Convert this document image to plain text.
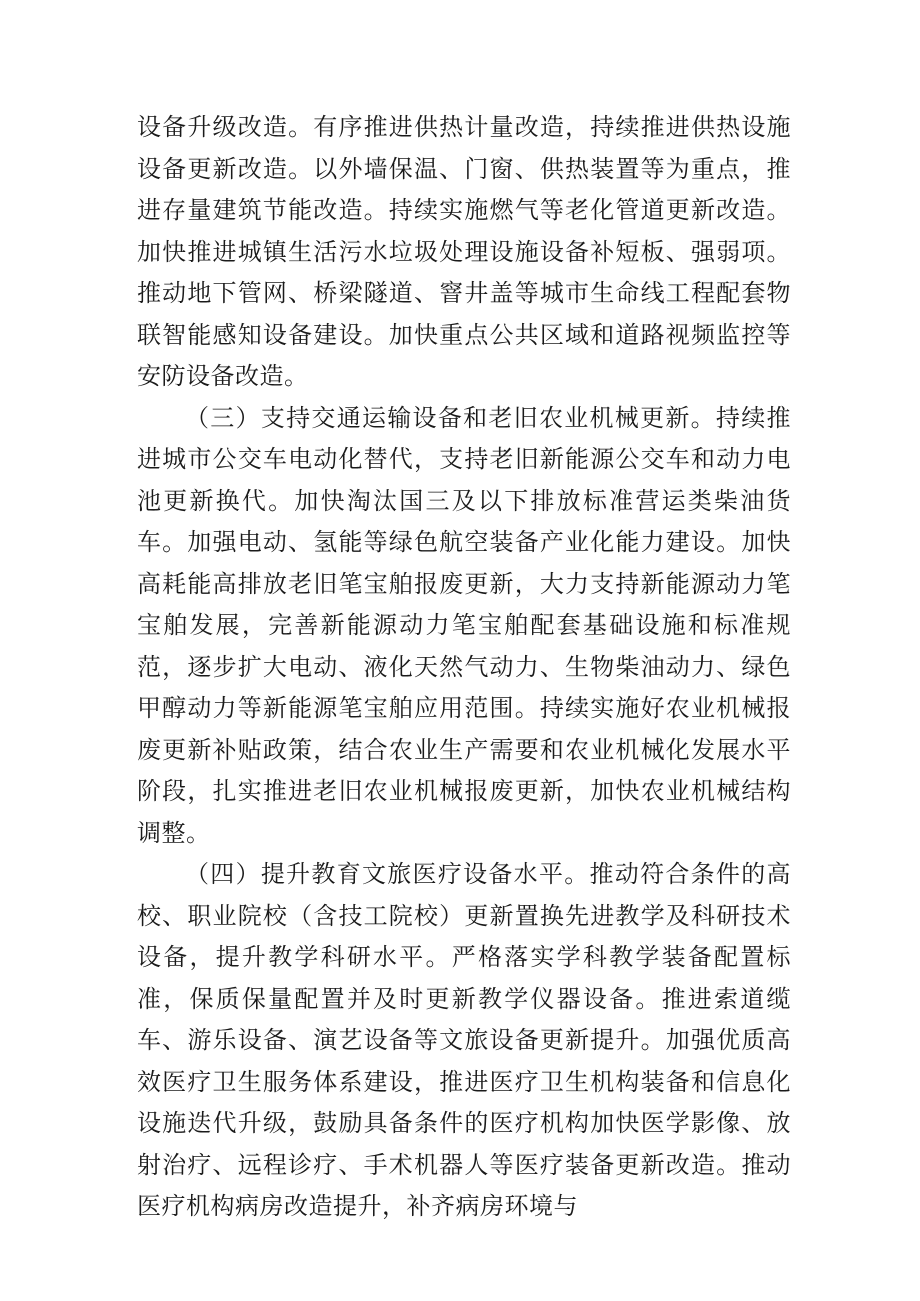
设备升级改造。有序推进供热计量改造，持续推进供热设施设备更新改造。以外墙保温、门窗、供热装置等为重点，推进存量建筑节能改造。持续实施燃气等老化管道更新改造。加快推进城镇生活污水垃圾处理设施设备补短板、强弱项。推动地下管网、桥梁隧道、窨井盖等城市生命线工程配套物联智能感知设备建设。加快重点公共区域和道路视频监控等安防设备改造。

（三）支持交通运输设备和老旧农业机械更新。持续推进城市公交车电动化替代，支持老旧新能源公交车和动力电池更新换代。加快淘汰国三及以下排放标准营运类柴油货车。加强电动、氢能等绿色航空装备产业化能力建设。加快高耗能高排放老旧笔宝舶报废更新，大力支持新能源动力笔宝舶发展，完善新能源动力笔宝舶配套基础设施和标准规范，逐步扩大电动、液化天然气动力、生物柴油动力、绿色甲醇动力等新能源笔宝舶应用范围。持续实施好农业机械报废更新补贴政策，结合农业生产需要和农业机械化发展水平阶段，扎实推进老旧农业机械报废更新，加快农业机械结构调整。

（四）提升教育文旅医疗设备水平。推动符合条件的高校、职业院校（含技工院校）更新置换先进教学及科研技术设备，提升教学科研水平。严格落实学科教学装备配置标准，保质保量配置并及时更新教学仪器设备。推进索道缆车、游乐设备、演艺设备等文旅设备更新提升。加强优质高效医疗卫生服务体系建设，推进医疗卫生机构装备和信息化设施迭代升级，鼓励具备条件的医疗机构加快医学影像、放射治疗、远程诊疗、手术机器人等医疗装备更新改造。推动医疗机构病房改造提升，补齐病房环境与
